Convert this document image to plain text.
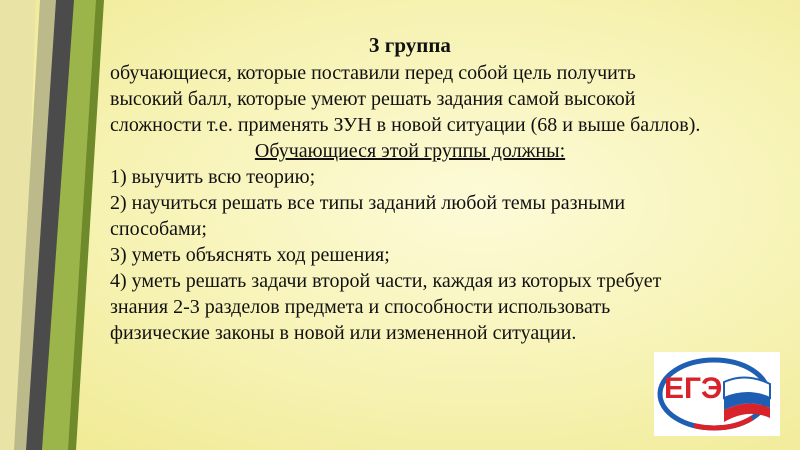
3 группа

обучающиеся, которые поставили перед собой цель получить высокий балл, которые умеют решать задания самой высокой сложности т.е. применять ЗУН в новой ситуации (68 и выше баллов).

Обучающиеся этой группы должны:

1) выучить всю теорию;

2) научиться решать все типы заданий любой темы разными способами;

3) уметь объяснять ход решения;

4) уметь решать задачи второй части, каждая из которых требует знания 2-3 разделов предмета и способности использовать физические законы в новой или измененной ситуации.

ЕГЭ
